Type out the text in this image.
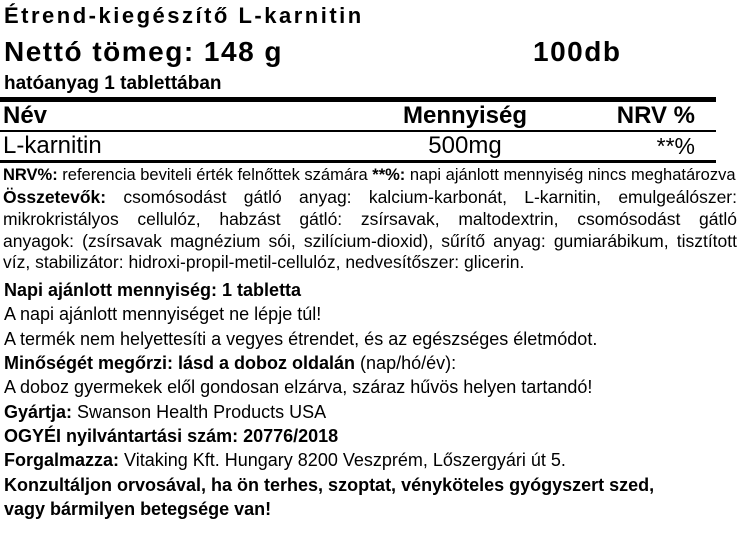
Étrend-kiegészítő L-karnitin
Nettó tömeg: 148 g	100db
hatóanyag 1 tablettában
Név	Mennyiség	NRV %
L-karnitin	500mg	**%
NRV%: referencia beviteli érték felnőttek számára **%: napi ajánlott mennyiség nincs meghatározva
Összetevők: csomósodást gátló anyag: kalcium-karbonát, L-karnitin, emulgeálószer:
mikrokristályos cellulóz, habzást gátló: zsírsavak, maltodextrin, csomósodást gátló
anyagok: (zsírsavak magnézium sói, szilícium-dioxid), sűrítő anyag: gumiarábikum, tisztított
víz, stabilizátor: hidroxi-propil-metil-cellulóz, nedvesítőszer: glicerin.
Napi ajánlott mennyiség: 1 tabletta
A napi ajánlott mennyiséget ne lépje túl!
A termék nem helyettesíti a vegyes étrendet, és az egészséges életmódot.
Minőségét megőrzi: lásd a doboz oldalán (nap/hó/év):
A doboz gyermekek elől gondosan elzárva, száraz hűvös helyen tartandó!
Gyártja: Swanson Health Products USA
OGYÉI nyilvántartási szám: 20776/2018
Forgalmazza: Vitaking Kft. Hungary 8200 Veszprém, Lőszergyári út 5.
Konzultáljon orvosával, ha ön terhes, szoptat, vényköteles gyógyszert szed,
vagy bármilyen betegsége van!
